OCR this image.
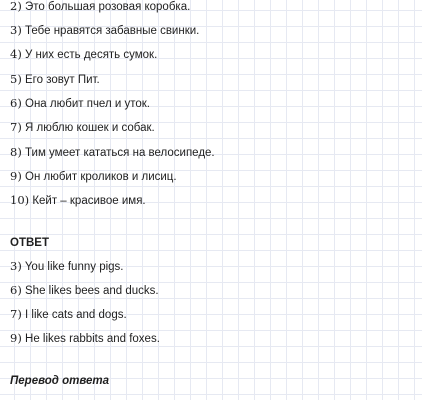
2) Это большая розовая коробка.
3) Тебе нравятся забавные свинки.
4) У них есть десять сумок.
5) Его зовут Пит.
6) Она любит пчел и уток.
7) Я люблю кошек и собак.
8) Тим умеет кататься на велосипеде.
9) Он любит кроликов и лисиц.
10) Кейт – красивое имя.
ОТВЕТ
3) You like funny pigs.
6) She likes bees and ducks.
7) I like cats and dogs.
9) He likes rabbits and foxes.
Перевод ответа
